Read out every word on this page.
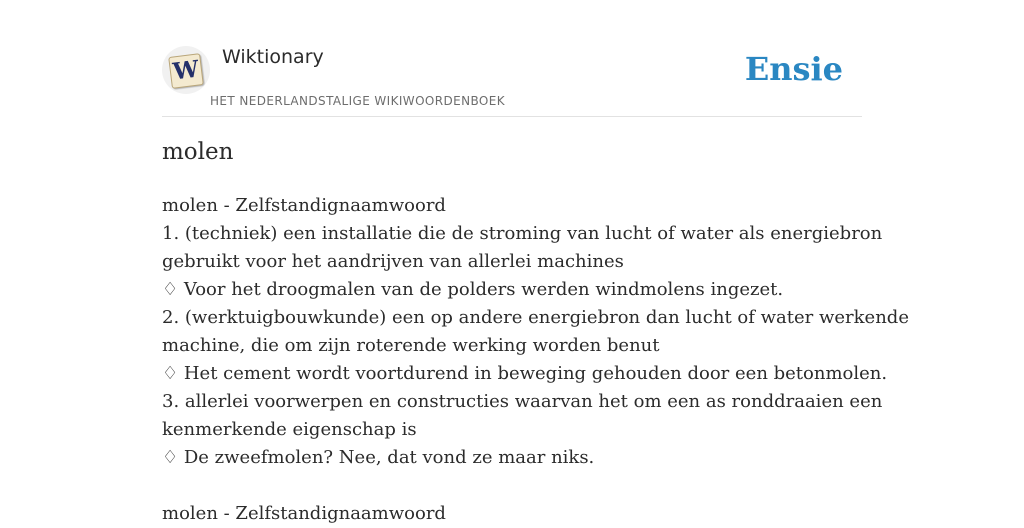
W Wiktionary
HET NEDERLANDSTALIGE WIKIWOORDENBOEK
Ensie
molen
molen - Zelfstandignaamwoord
1. (techniek) een installatie die de stroming van lucht of water als energiebron
gebruikt voor het aandrijven van allerlei machines
♢ Voor het droogmalen van de polders werden windmolens ingezet.
2. (werktuigbouwkunde) een op andere energiebron dan lucht of water werkende
machine, die om zijn roterende werking worden benut
♢ Het cement wordt voortdurend in beweging gehouden door een betonmolen.
3. allerlei voorwerpen en constructies waarvan het om een as ronddraaien een
kenmerkende eigenschap is
♢ De zweefmolen? Nee, dat vond ze maar niks.
molen - Zelfstandignaamwoord
